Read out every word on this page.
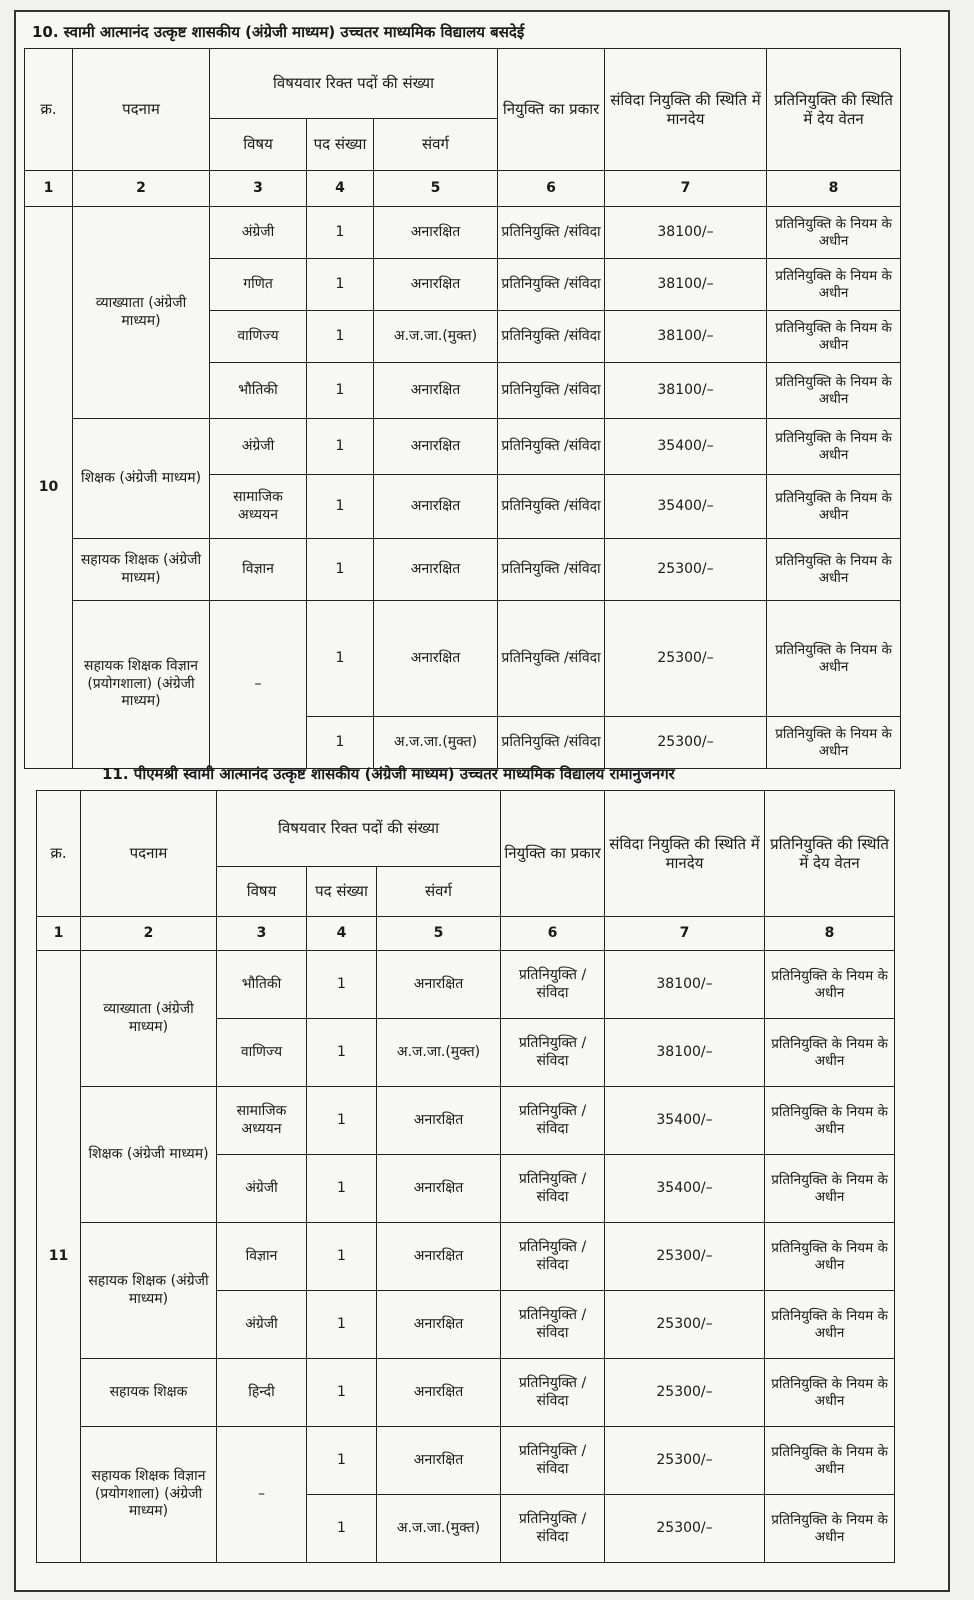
10. स्वामी आत्मानंद उत्कृष्ट शासकीय (अंग्रेजी माध्यम) उच्चतर माध्यमिक विद्यालय बसदेई
क्र.	पदनाम	विषयवार रिक्त पदों की संख्या			नियुक्ति का प्रकार	संविदा नियुक्ति की स्थिति में मानदेय	प्रतिनियुक्ति की स्थिति में देय वेतन
		विषय	पद संख्या	संवर्ग			
1	2	3	4	5	6	7	8
10	व्याख्याता (अंग्रेजी माध्यम)	अंग्रेजी	1	अनारक्षित	प्रतिनियुक्ति /संविदा	38100/–	प्रतिनियुक्ति के नियम के अधीन
		गणित	1	अनारक्षित	प्रतिनियुक्ति /संविदा	38100/–	प्रतिनियुक्ति के नियम के अधीन
		वाणिज्य	1	अ.ज.जा.(मुक्त)	प्रतिनियुक्ति /संविदा	38100/–	प्रतिनियुक्ति के नियम के अधीन
		भौतिकी	1	अनारक्षित	प्रतिनियुक्ति /संविदा	38100/–	प्रतिनियुक्ति के नियम के अधीन
	शिक्षक (अंग्रेजी माध्यम)	अंग्रेजी	1	अनारक्षित	प्रतिनियुक्ति /संविदा	35400/–	प्रतिनियुक्ति के नियम के अधीन
		सामाजिक अध्ययन	1	अनारक्षित	प्रतिनियुक्ति /संविदा	35400/–	प्रतिनियुक्ति के नियम के अधीन
	सहायक शिक्षक (अंग्रेजी माध्यम)	विज्ञान	1	अनारक्षित	प्रतिनियुक्ति /संविदा	25300/–	प्रतिनियुक्ति के नियम के अधीन
	सहायक शिक्षक विज्ञान (प्रयोगशाला) (अंग्रेजी माध्यम)	–	1	अनारक्षित	प्रतिनियुक्ति /संविदा	25300/–	प्रतिनियुक्ति के नियम के अधीन
			1	अ.ज.जा.(मुक्त)	प्रतिनियुक्ति /संविदा	25300/–	प्रतिनियुक्ति के नियम के अधीन
11. पीएमश्री स्वामी आत्मानंद उत्कृष्ट शासकीय (अंग्रेजी माध्यम) उच्चतर माध्यमिक विद्यालय रामानुजनगर
क्र.	पदनाम	विषयवार रिक्त पदों की संख्या			नियुक्ति का प्रकार	संविदा नियुक्ति की स्थिति में मानदेय	प्रतिनियुक्ति की स्थिति में देय वेतन
		विषय	पद संख्या	संवर्ग			
1	2	3	4	5	6	7	8
11	व्याख्याता (अंग्रेजी माध्यम)	भौतिकी	1	अनारक्षित	प्रतिनियुक्ति /संविदा	38100/–	प्रतिनियुक्ति के नियम के अधीन
		वाणिज्य	1	अ.ज.जा.(मुक्त)	प्रतिनियुक्ति /संविदा	38100/–	प्रतिनियुक्ति के नियम के अधीन
	शिक्षक (अंग्रेजी माध्यम)	सामाजिक अध्ययन	1	अनारक्षित	प्रतिनियुक्ति /संविदा	35400/–	प्रतिनियुक्ति के नियम के अधीन
		अंग्रेजी	1	अनारक्षित	प्रतिनियुक्ति /संविदा	35400/–	प्रतिनियुक्ति के नियम के अधीन
	सहायक शिक्षक (अंग्रेजी माध्यम)	विज्ञान	1	अनारक्षित	प्रतिनियुक्ति /संविदा	25300/–	प्रतिनियुक्ति के नियम के अधीन
		अंग्रेजी	1	अनारक्षित	प्रतिनियुक्ति /संविदा	25300/–	प्रतिनियुक्ति के नियम के अधीन
	सहायक शिक्षक	हिन्दी	1	अनारक्षित	प्रतिनियुक्ति /संविदा	25300/–	प्रतिनियुक्ति के नियम के अधीन
	सहायक शिक्षक विज्ञान (प्रयोगशाला) (अंग्रेजी माध्यम)	–	1	अनारक्षित	प्रतिनियुक्ति /संविदा	25300/–	प्रतिनियुक्ति के नियम के अधीन
			1	अ.ज.जा.(मुक्त)	प्रतिनियुक्ति /संविदा	25300/–	प्रतिनियुक्ति के नियम के अधीन
